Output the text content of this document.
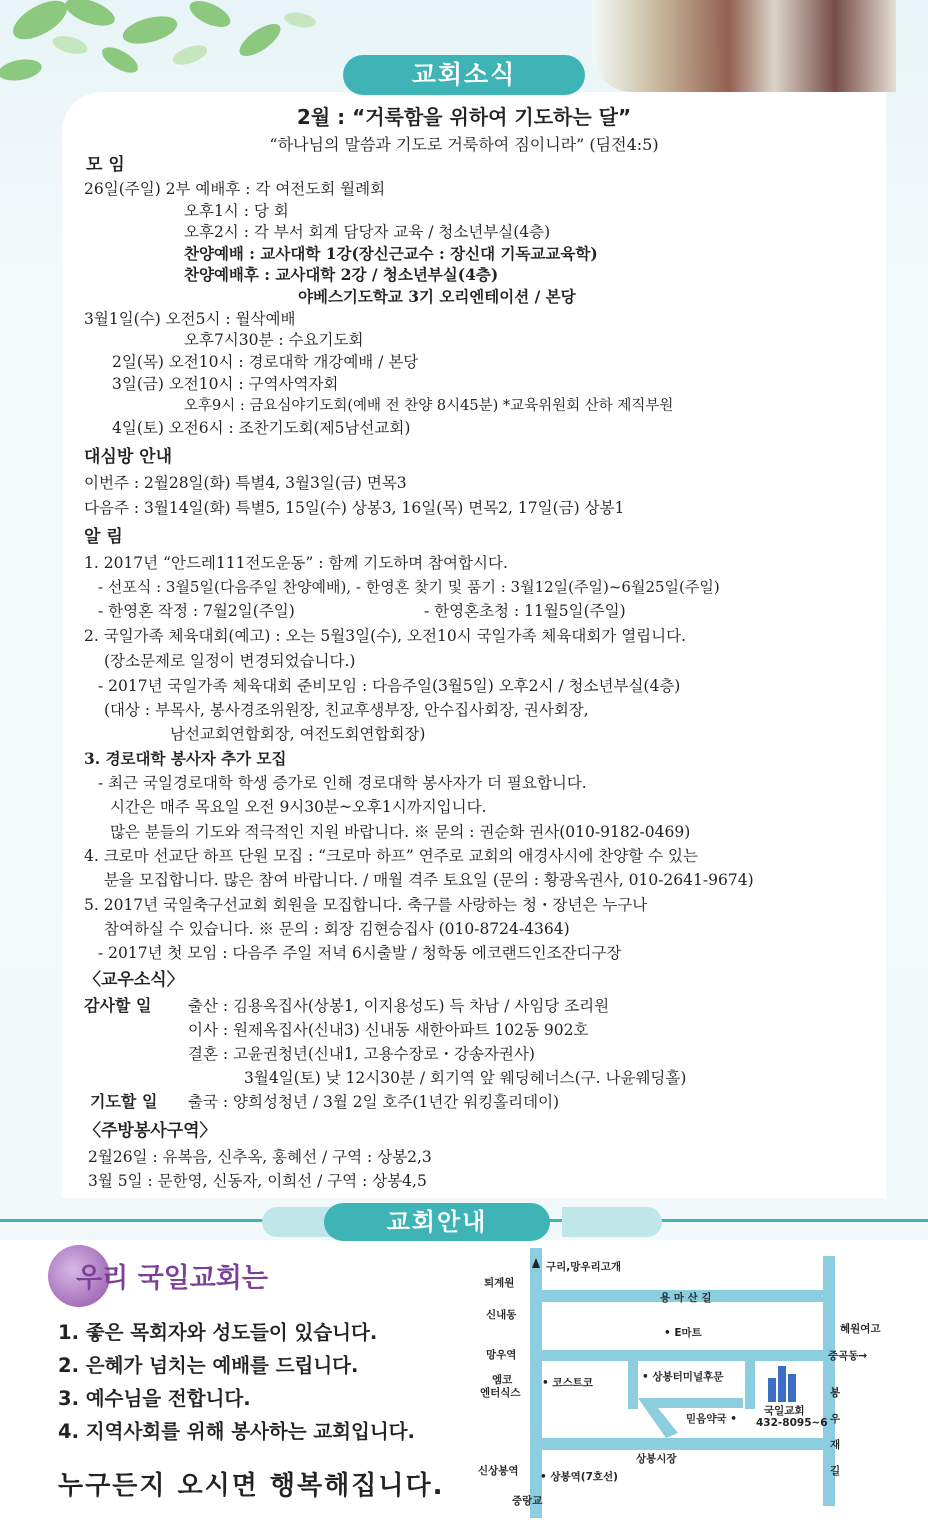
교회소식
2월 : “거룩함을 위하여 기도하는 달”
“하나님의 말씀과 기도로 거룩하여 짐이니라” (딤전4:5)
모 임
26일(주일) 2부 예배후 : 각 여전도회 월례회
오후1시 : 당 회
오후2시 : 각 부서 회계 담당자 교육 / 청소년부실(4층)
찬양예배 : 교사대학 1강(장신근교수 : 장신대 기독교교육학)
찬양예배후 : 교사대학 2강 / 청소년부실(4층)
야베스기도학교 3기 오리엔테이션 / 본당
3월1일(수) 오전5시 : 월삭예배
오후7시30분 : 수요기도회
2일(목) 오전10시 : 경로대학 개강예배 / 본당
3일(금) 오전10시 : 구역사역자회
오후9시 : 금요심야기도회(예배 전 찬양 8시45분) *교육위원회 산하 제직부원
4일(토) 오전6시 : 조찬기도회(제5남선교회)
대심방 안내
이번주 : 2월28일(화) 특별4, 3월3일(금) 면목3
다음주 : 3월14일(화) 특별5, 15일(수) 상봉3, 16일(목) 면목2, 17일(금) 상봉1
알 림
1. 2017년 “안드레111전도운동” : 함께 기도하며 참여합시다.
- 선포식 : 3월5일(다음주일 찬양예배), - 한영혼 찾기 및 품기 : 3월12일(주일)~6월25일(주일)
- 한영혼 작정 : 7월2일(주일)	- 한영혼초청 : 11월5일(주일)
2. 국일가족 체육대회(예고) : 오는 5월3일(수), 오전10시 국일가족 체육대회가 열립니다.
(장소문제로 일정이 변경되었습니다.)
- 2017년 국일가족 체육대회 준비모임 : 다음주일(3월5일) 오후2시 / 청소년부실(4층)
(대상 : 부목사, 봉사경조위원장, 친교후생부장, 안수집사회장, 권사회장,
남선교회연합회장, 여전도회연합회장)
3. 경로대학 봉사자 추가 모집
- 최근 국일경로대학 학생 증가로 인해 경로대학 봉사자가 더 필요합니다.
시간은 매주 목요일 오전 9시30분~오후1시까지입니다.
많은 분들의 기도와 적극적인 지원 바랍니다. ※ 문의 : 권순화 권사(010-9182-0469)
4. 크로마 선교단 하프 단원 모집 : “크로마 하프” 연주로 교회의 애경사시에 찬양할 수 있는
분을 모집합니다. 많은 참여 바랍니다. / 매월 격주 토요일 (문의 : 황광옥권사, 010-2641-9674)
5. 2017년 국일축구선교회 회원을 모집합니다. 축구를 사랑하는 청・장년은 누구나
참여하실 수 있습니다. ※ 문의 : 회장 김현승집사 (010-8724-4364)
- 2017년 첫 모임 : 다음주 주일 저녁 6시출발 / 청학동 에코랜드인조잔디구장
〈교우소식〉
감사할 일 출산 : 김용옥집사(상봉1, 이지용성도) 득 차남 / 사임당 조리원
이사 : 원제옥집사(신내3) 신내동 새한아파트 102동 902호
결혼 : 고윤권청년(신내1, 고용수장로・강송자권사)
3월4일(토) 낮 12시30분 / 회기역 앞 웨딩헤너스(구. 나윤웨딩홀)
기도할 일 출국 : 양희성청년 / 3월 2일 호주(1년간 워킹홀리데이)
〈주방봉사구역〉
2월26일 : 유복음, 신추옥, 홍혜선 / 구역 : 상봉2,3
3월 5일 : 문한영, 신동자, 이희선 / 구역 : 상봉4,5
교회안내
우리 국일교회는
1. 좋은 목회자와 성도들이 있습니다.
2. 은혜가 넘치는 예배를 드립니다.
3. 예수님을 전합니다.
4. 지역사회를 위해 봉사하는 교회입니다.
누구든지 오시면 행복해집니다.
구리,망우리고개
퇴계원
용 마 산 길
신내동
• E마트	혜원여고
망우역	중곡동→
엠코
엔터식스
• 코스트코	• 상봉터미널후문
믿음약국 •
국일교회
432-8095~6
봉
우
재
길
상봉시장
신상봉역 • 상봉역(7호선)
중랑교
